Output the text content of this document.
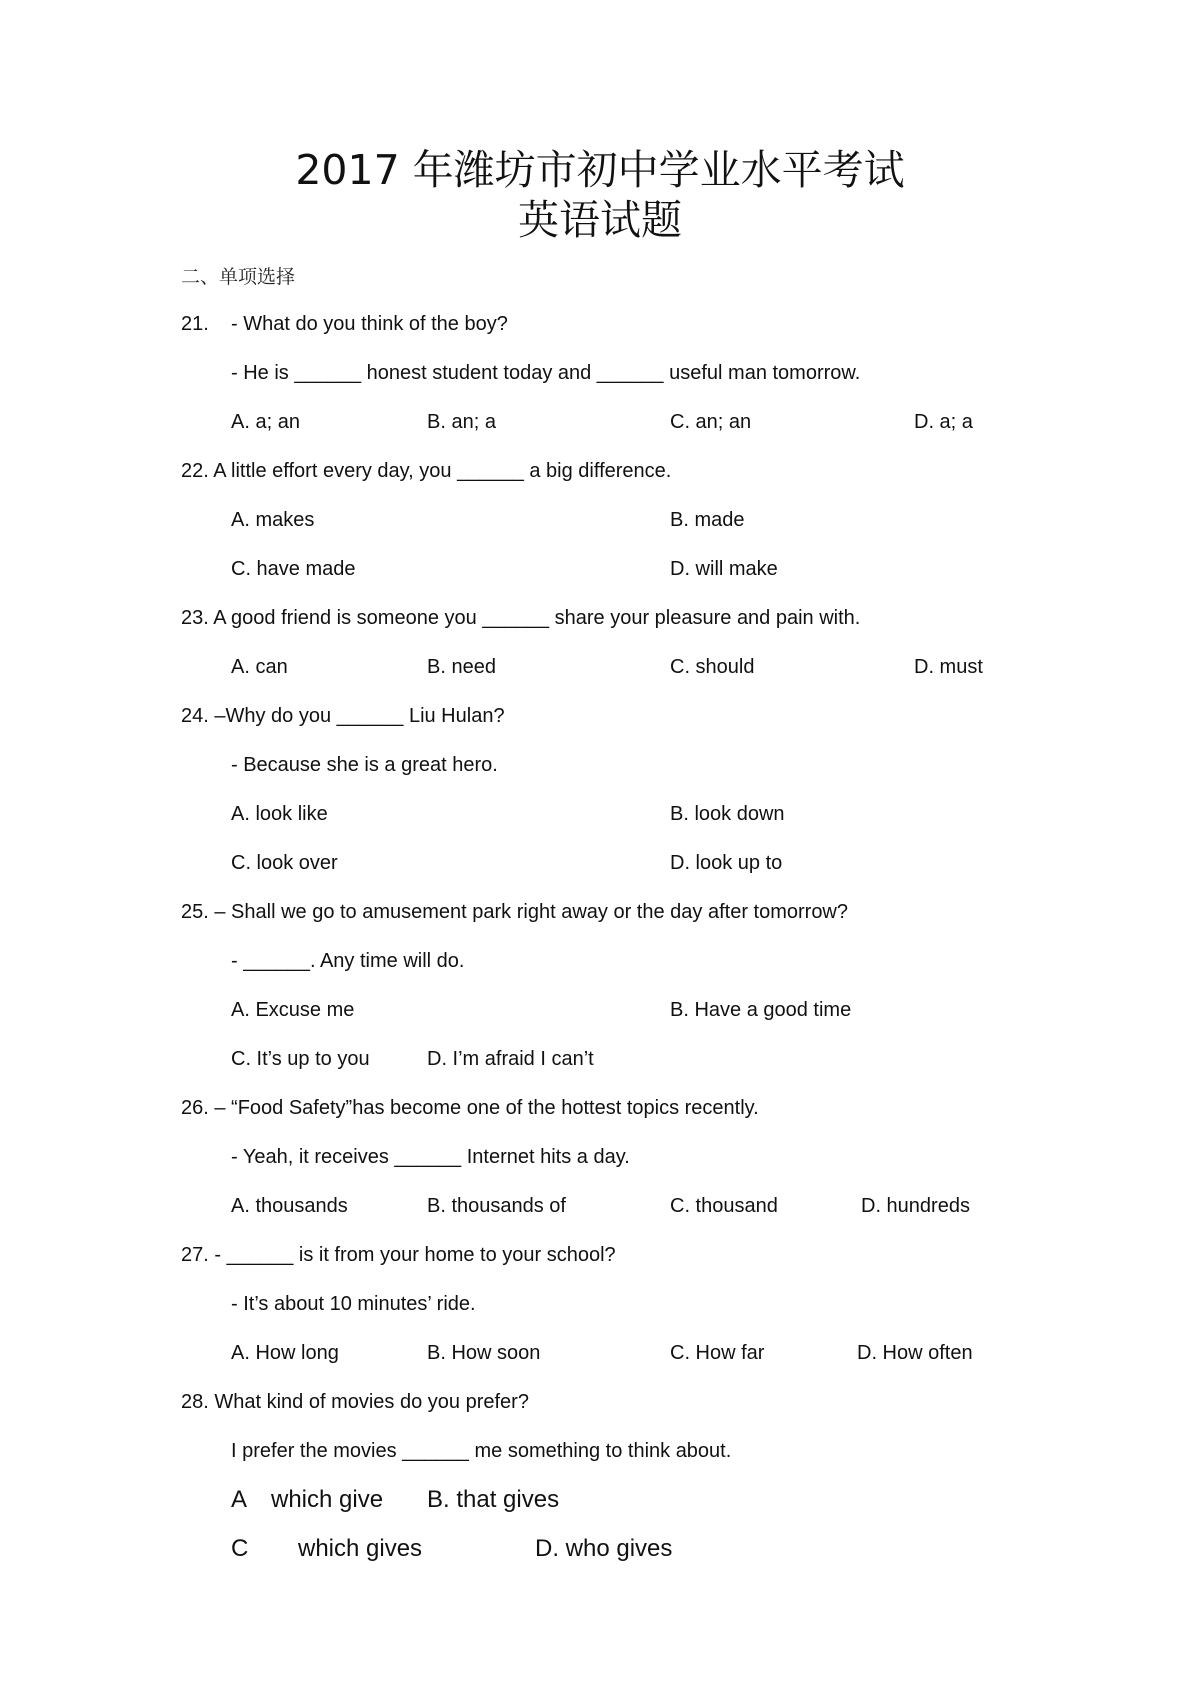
2017 年潍坊市初中学业水平考试
英语试题
二、单项选择
21.    - What do you think of the boy?
- He is ______ honest student today and ______ useful man tomorrow.
A. a; an	B. an; a	C. an; an	D. a; a
22. A little effort every day, you ______ a big difference.
A. makes	B. made
C. have made	D. will make
23. A good friend is someone you ______ share your pleasure and pain with.
A. can	B. need	C. should	D. must
24. –Why do you ______ Liu Hulan?
- Because she is a great hero.
A. look like	B. look down
C. look over	D. look up to
25. – Shall we go to amusement park right away or the day after tomorrow?
- ______. Any time will do.
A. Excuse me	B. Have a good time
C. It’s up to you	D. I’m afraid I can’t
26. – “Food Safety”has become one of the hottest topics recently.
- Yeah, it receives ______ Internet hits a day.
A. thousands	B. thousands of	C. thousand	D. hundreds
27. - ______ is it from your home to your school?
- It’s about 10 minutes’ ride.
A. How long	B. How soon	C. How far	D. How often
28. What kind of movies do you prefer?
I prefer the movies ______ me something to think about.
A which give B. that gives
C which gives	D. who gives
